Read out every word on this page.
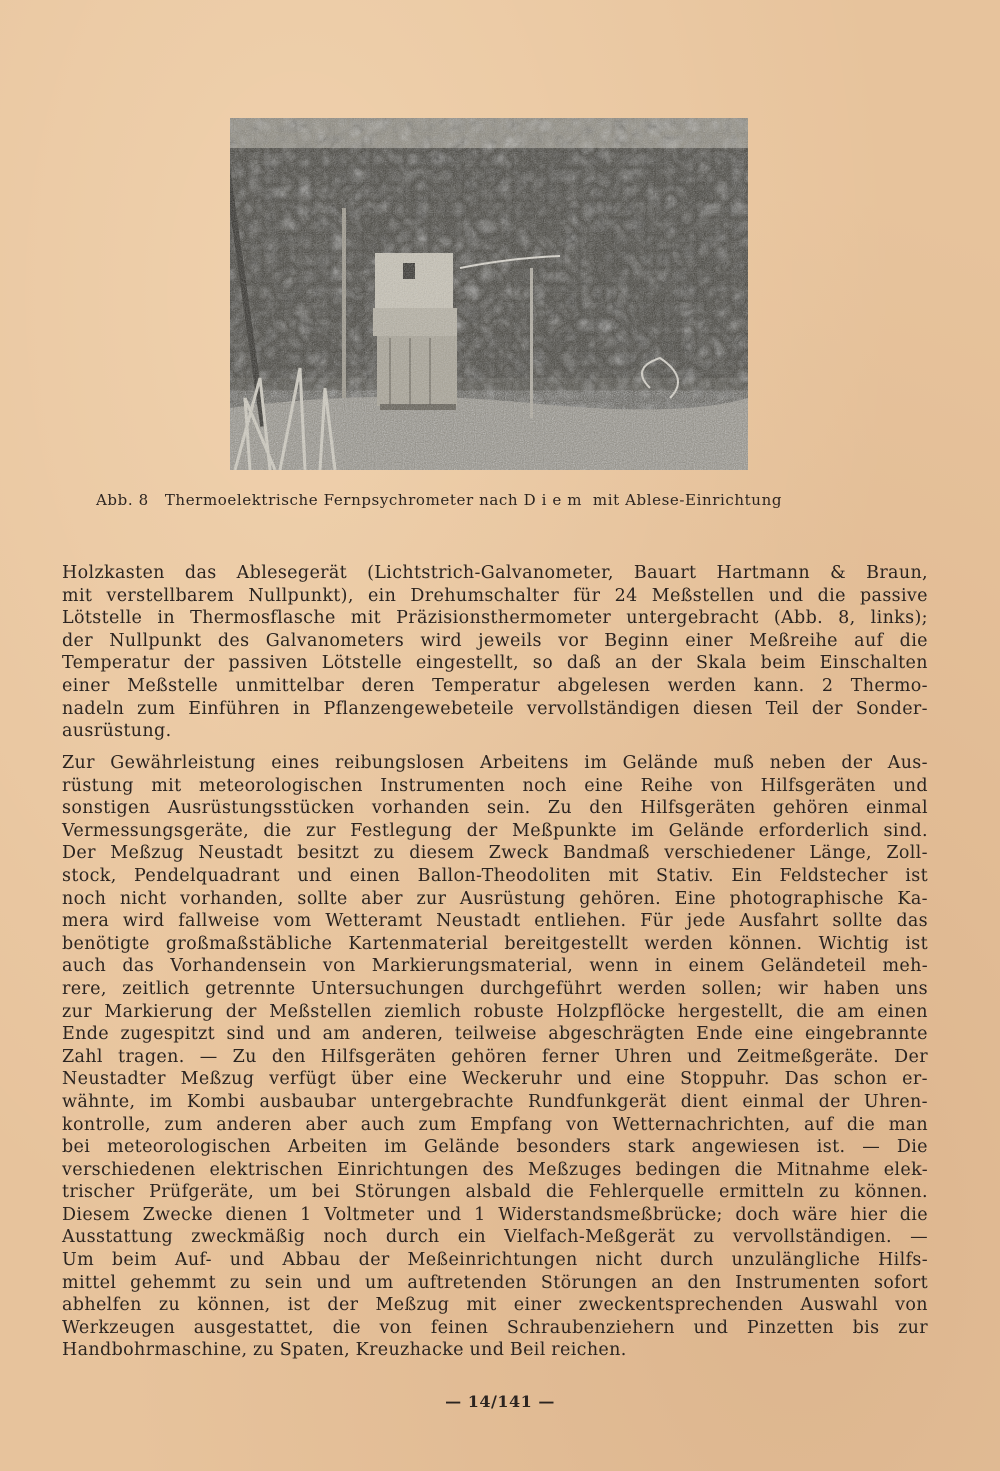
Abb. 8 Thermoelektrische Fernpsychrometer nach Diem mit Ablese-Einrichtung
Holzkasten das Ablesegerät (Lichtstrich-Galvanometer, Bauart Hartmann & Braun,
mit verstellbarem Nullpunkt), ein Drehumschalter für 24 Meßstellen und die passive
Lötstelle in Thermosflasche mit Präzisionsthermometer untergebracht (Abb. 8, links);
der Nullpunkt des Galvanometers wird jeweils vor Beginn einer Meßreihe auf die
Temperatur der passiven Lötstelle eingestellt, so daß an der Skala beim Einschalten
einer Meßstelle unmittelbar deren Temperatur abgelesen werden kann. 2 Thermo-
nadeln zum Einführen in Pflanzengewebeteile vervollständigen diesen Teil der Sonder-
ausrüstung.
Zur Gewährleistung eines reibungslosen Arbeitens im Gelände muß neben der Aus-
rüstung mit meteorologischen Instrumenten noch eine Reihe von Hilfsgeräten und
sonstigen Ausrüstungsstücken vorhanden sein. Zu den Hilfsgeräten gehören einmal
Vermessungsgeräte, die zur Festlegung der Meßpunkte im Gelände erforderlich sind.
Der Meßzug Neustadt besitzt zu diesem Zweck Bandmaß verschiedener Länge, Zoll-
stock, Pendelquadrant und einen Ballon-Theodoliten mit Stativ. Ein Feldstecher ist
noch nicht vorhanden, sollte aber zur Ausrüstung gehören. Eine photographische Ka-
mera wird fallweise vom Wetteramt Neustadt entliehen. Für jede Ausfahrt sollte das
benötigte großmaßstäbliche Kartenmaterial bereitgestellt werden können. Wichtig ist
auch das Vorhandensein von Markierungsmaterial, wenn in einem Geländeteil meh-
rere, zeitlich getrennte Untersuchungen durchgeführt werden sollen; wir haben uns
zur Markierung der Meßstellen ziemlich robuste Holzpflöcke hergestellt, die am einen
Ende zugespitzt sind und am anderen, teilweise abgeschrägten Ende eine eingebrannte
Zahl tragen. — Zu den Hilfsgeräten gehören ferner Uhren und Zeitmeßgeräte. Der
Neustadter Meßzug verfügt über eine Weckeruhr und eine Stoppuhr. Das schon er-
wähnte, im Kombi ausbaubar untergebrachte Rundfunkgerät dient einmal der Uhren-
kontrolle, zum anderen aber auch zum Empfang von Wetternachrichten, auf die man
bei meteorologischen Arbeiten im Gelände besonders stark angewiesen ist. — Die
verschiedenen elektrischen Einrichtungen des Meßzuges bedingen die Mitnahme elek-
trischer Prüfgeräte, um bei Störungen alsbald die Fehlerquelle ermitteln zu können.
Diesem Zwecke dienen 1 Voltmeter und 1 Widerstandsmeßbrücke; doch wäre hier die
Ausstattung zweckmäßig noch durch ein Vielfach-Meßgerät zu vervollständigen. —
Um beim Auf- und Abbau der Meßeinrichtungen nicht durch unzulängliche Hilfs-
mittel gehemmt zu sein und um auftretenden Störungen an den Instrumenten sofort
abhelfen zu können, ist der Meßzug mit einer zweckentsprechenden Auswahl von
Werkzeugen ausgestattet, die von feinen Schraubenziehern und Pinzetten bis zur
Handbohrmaschine, zu Spaten, Kreuzhacke und Beil reichen.
— 14/141 —
